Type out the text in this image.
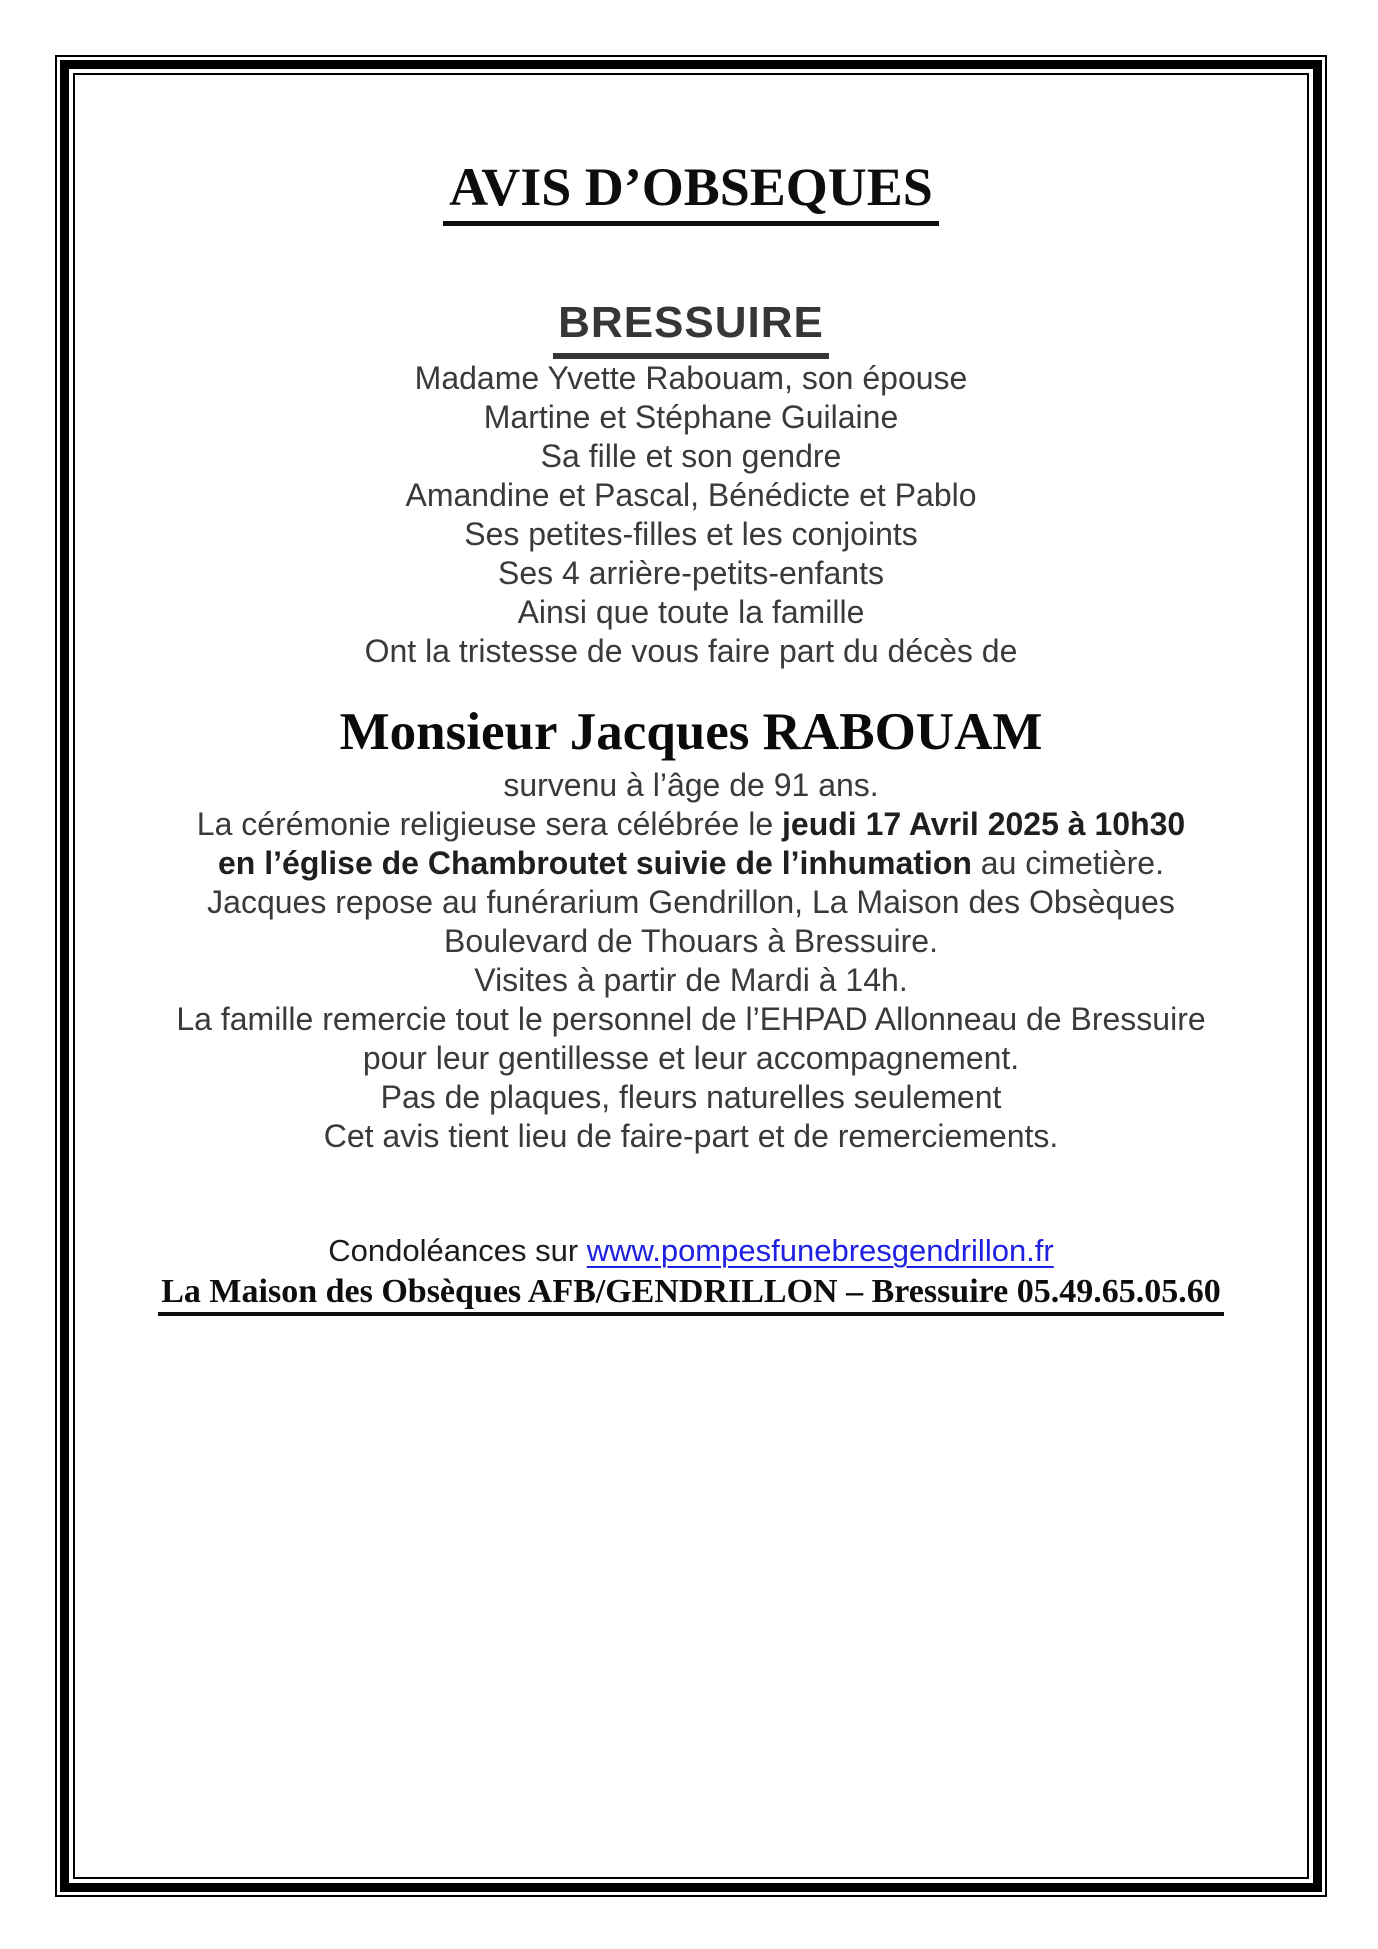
AVIS D’OBSEQUES
BRESSUIRE

Madame Yvette Rabouam, son épouse

Martine et Stéphane Guilaine
Sa fille et son gendre

Amandine et Pascal, Bénédicte et Pablo
Ses petites-filles et les conjoints

Ses 4 arrière-petits-enfants

Ainsi que toute la famille

Ont la tristesse de vous faire part du décès de

Monsieur Jacques RABOUAM

survenu à l’âge de 91 ans.

La cérémonie religieuse sera célébrée le jeudi 17 Avril 2025 à 10h30
en l’église de Chambroutet suivie de l’inhumation au cimetière.

Jacques repose au funérarium Gendrillon, La Maison des Obsèques
Boulevard de Thouars à Bressuire.
Visites à partir de Mardi à 14h.

La famille remercie tout le personnel de l’EHPAD Allonneau de Bressuire
pour leur gentillesse et leur accompagnement.

Pas de plaques, fleurs naturelles seulement

Cet avis tient lieu de faire-part et de remerciements.

Condoléances sur www.pompesfunebresgendrillon.fr

La Maison des Obsèques AFB/GENDRILLON – Bressuire 05.49.65.05.60
